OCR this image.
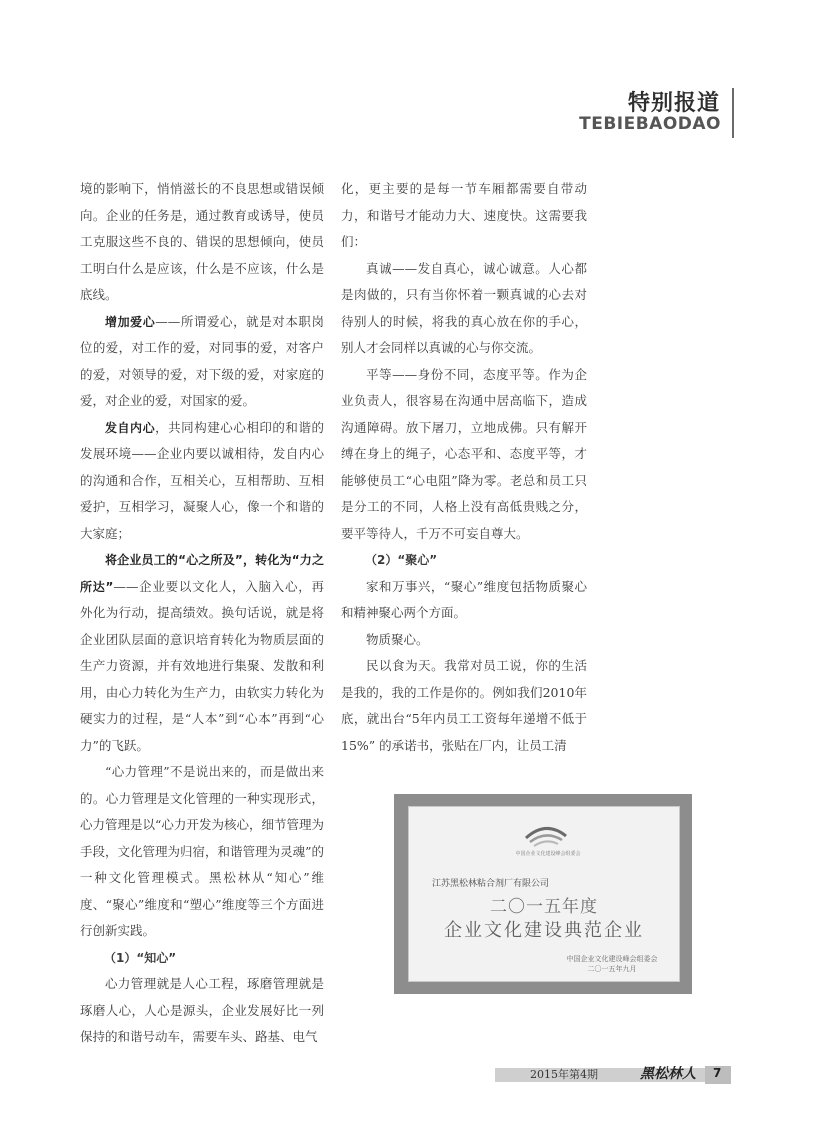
特别报道
TEBIEBAODAO

境的影响下，悄悄滋长的不良思想或错误倾向。企业的任务是，通过教育或诱导，使员工克服这些不良的、错误的思想倾向，使员工明白什么是应该，什么是不应该，什么是底线。

增加爱心——所谓爱心，就是对本职岗位的爱，对工作的爱，对同事的爱，对客户的爱，对领导的爱，对下级的爱，对家庭的爱，对企业的爱，对国家的爱。

发自内心，共同构建心心相印的和谐的发展环境——企业内要以诚相待，发自内心的沟通和合作，互相关心，互相帮助、互相爱护，互相学习，凝聚人心，像一个和谐的大家庭；

将企业员工的“心之所及”，转化为“力之所达”——企业要以文化人，入脑入心，再外化为行动，提高绩效。换句话说，就是将企业团队层面的意识培育转化为物质层面的生产力资源，并有效地进行集聚、发散和利用，由心力转化为生产力，由软实力转化为硬实力的过程，是“人本”到“心本”再到“心力”的飞跃。

“心力管理”不是说出来的，而是做出来的。心力管理是文化管理的一种实现形式，心力管理是以“心力开发为核心，细节管理为手段，文化管理为归宿，和谐管理为灵魂”的一种文化管理模式。黑松林从“知心”维度、“聚心”维度和“塑心”维度等三个方面进行创新实践。

（1）“知心”

心力管理就是人心工程，琢磨管理就是琢磨人心，人心是源头，企业发展好比一列保持的和谐号动车，需要车头、路基、电气

化，更主要的是每一节车厢都需要自带动力，和谐号才能动力大、速度快。这需要我们：

真诚——发自真心，诚心诚意。人心都是肉做的，只有当你怀着一颗真诚的心去对待别人的时候，将我的真心放在你的手心，别人才会同样以真诚的心与你交流。

平等——身份不同，态度平等。作为企业负责人，很容易在沟通中居高临下，造成沟通障碍。放下屠刀，立地成佛。只有解开缚在身上的绳子，心态平和、态度平等，才能够使员工“心电阻”降为零。老总和员工只是分工的不同，人格上没有高低贵贱之分，要平等待人，千万不可妄自尊大。

（2）“聚心”

家和万事兴，“聚心”维度包括物质聚心和精神聚心两个方面。

物质聚心。

民以食为天。我常对员工说，你的生活是我的，我的工作是你的。例如我们2010年底，就出台“5年内员工工资每年递增不低于15%” 的承诺书，张贴在厂内，让员工清

中国企业文化建设峰会组委会
江苏黑松林粘合剂厂有限公司
二〇一五年度
企业文化建设典范企业
中国企业文化建设峰会组委会
二〇一五年九月
2015年第4期	黑松林人 7
